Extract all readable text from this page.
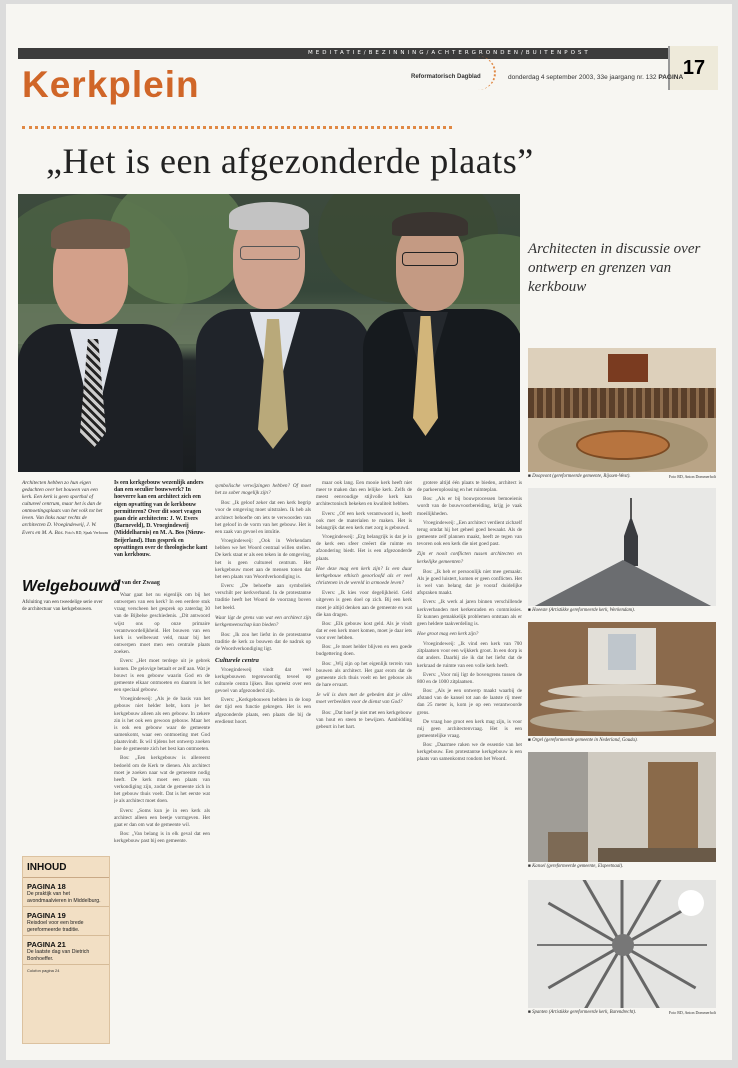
MEDITATIE/BEZINNING/ACHTERGRONDEN/BUITENPOST
17
Kerkplein	Reformatorisch Dagblad	donderdag 4 september 2003, 33e jaargang nr. 132 PAGINA
„Het is een afgezonderde plaats”
Architecten in discussie over ontwerp en grenzen van kerkbouw
Architecten hebben zo hun eigen gedachten over het bouwen van een kerk. Een kerk is geen sporthal of cultureel centrum, maar het is dan de ontmoetingsplaats van het volk tot het leven. Van links naar rechts de architecten D. Vroegindeweij, J. W. Evers en M. A. Bos. Foto's RD, Sjaak Verboom
Welgebouwd
Afsluiting van een tweedelige serie over de architectuur van kerkgebouwen.
Is een kerkgebouw wezenlijk anders dan een seculier bouwwerk? In hoeverre kan een architect zich een eigen opvatting van de kerkbouw permitteren? Over dit soort vragen gaan drie architecten: J. W. Evers (Barneveld), D. Vroegindeweij (Middelharnis) en M. A. Bos (Nieuw-Beijerland). Hun gesprek en opvattingen over de theologische kant van kerkbouw.
K. van der Zwaag

Waar gaat het nu eigenlijk om bij het ontwerpen van een kerk? In een eerdere stuk vraag verscheen het gesprek op zaterdag 30 van de Bijbelse geschiedenis. „Dit antwoord wijst ons op onze primaire verantwoordelijkheid. Het bouwen van een kerk is welbewust veld, maar bij het ontwerpen moet men een centrale plaats zoeken.

Evers: „Het moet terdege uit je gebrek komen. De gelovige betaalt er zelf aan. Wat je bouwt is een gebouw waarin God en de gemeente elkaar ontmoeten en daarom is het een speciaal gebouw.

Vroegindeweij: „Als je de basis van het gebouw niet helder hebt, kom je het kerkgebouw alleen als een gebouw. In zekere zin is het ook een gewoon gebouw. Maar het is ook een gebouw waar de gemeente samenkomt, waar een ontmoeting met God plaatsvindt. Ik wil tijdens het ontwerp zoeken hoe de gemeente zich het best kan ontmoeten.

Bos: „Een kerkgebouw is allereerst bedoeld om de Kerk te dienen. Als architect moet je zoeken naar wat de gemeente nodig heeft. De kerk moet een plaats van verkondiging zijn, zodat de gemeente zich in het gebouw thuis voelt. Dat is het eerste wat je als architect moet doen.

Evers: „Soms kun je in een kerk als architect alleen een beetje vormgeven. Het gaat er dan om wat de gemeente wil.

Bos: „Van belang is in elk geval dat een kerkgebouw past bij een gemeente.

symbolische verwijzingen hebben? Of moet het zo sober mogelijk zijn?

Bos: „Ik geloof zeker dat een kerk begrip voor de omgeving moet uitstralen. Ik heb als architect behoefte om iets te verwoorden van het geloof in de vorm van het gebouw. Het is een zaak van gevoel en intuïtie.

Vroegindeweij: „Ook in Werkendam hebben we het Woord centraal willen stellen. De kerk staat er als een teken in de omgeving, het is geen cultureel centrum. Het kerkgebouw moet aan de mensen tonen dat het een plaats van Woordverkondiging is.

Evers: „De behoefte aan symboliek verschilt per kerkverband. In de protestantse traditie heeft het Woord de voorrang boven het beeld.

Waar ligt de grens van wat een architect zijn kerkgemeenschap kan bieden?

Bos: „Ik zou het liefst in de protestantse traditie de kerk zo bouwen dat de nadruk op de Woordverkondiging ligt.

Culturele centra

Vroegindeweij vindt dat veel kerkgebouwen tegenwoordig teveel op culturele centra lijken. Bos spreekt over een gevoel van afgezonderd zijn.

Evers: „Kerkgebouwen hebben in de loop der tijd een functie gekregen. Het is een afgezonderde plaats, een plaats die bij de eredienst hoort.

maar ook lang. Een mooie kerk heeft niet meer te maken dan een lelijke kerk. Zelfs de meest eenvoudige stijlvolle kerk kan architectonisch bekeken en kwaliteit hebben.

Evers: „Of een kerk verantwoord is, heeft ook met de materialen te maken. Het is belangrijk dat een kerk met zorg is gebouwd.

Vroegindeweij: „Erg belangrijk is dat je in de kerk een sfeer creëert die ruimte en afzondering biedt. Het is een afgezonderde plaats.

Hoe deze mag een kerk zijn? Is een duur kerkgebouw ethisch geoorloofd als er veel christenen in de wereld in armoede leven?

Evers: „Ik kies voor degelijkheid. Geld uitgeven is geen doel op zich. Bij een kerk moet je altijd denken aan de gemeente en wat die kan dragen.

Bos: „Elk gebouw kost geld. Als je vindt dat er een kerk moet komen, moet je daar iets voor over hebben.

Bos: „Je moet helder blijven en een goede budgettering doen.

Bos: „Wij zijn op het eigenlijk terrein van bouwen als architect. Het gaat erom dat de gemeente zich thuis voelt en het gebouw als de hare ervaart.

Je wil is dom met de gebeden dat je alles moet verbeelden voor de dienst van God?

Bos: „Dat hoef je niet met een kerkgebouw van hout en steen te bewijzen. Aanbidding gebeurt in het hart.

INHOUD
PAGINA 18
De praktijk van het avondmaalvieren in Middelburg.
PAGINA 19
Reisdoel voor een brede gereformeerde traditie.
PAGINA 21
De laatste dag van Dietrich Bonhoeffer.
Colofon pagina 24
■ Doopvont (gereformeerde gemeente, Rijssen-West).	Foto RD, Anton Dommerholt
■ Hoeeste (Artistikke gereformeerde kerk, Werkendam).
■ Orgel (gereformeerde gemeente in Nederland, Gouda).
■ Kansel (gereformeerde gemeente, Elspeetnaal).
■ Spanten (Artistikke gereformeerde kerk, Barendrecht).	Foto RD, Anton Dommerholt

grotere altijd één plaats te bieden, architect is de parkeeroplossing en het ruimteplan.

Bos: „Als er bij bouwprocessen bemoeienis wordt van de bouwvoorbereiding, krijg je vaak moeilijkheden.

Vroegindeweij: „Een architect verdient zichzelf terug omdat hij het geheel goed bewaakt. Als de gemeente zelf plannen maakt, heeft ze tegen van tevoren ook een kerk die niet goed past.

Zijn er nooit conflicten tussen architecten en kerkelijke gemeenten?

Bos: „Ik heb er persoonlijk niet mee gemaakt. Als je goed luistert, komen er geen conflicten. Het is wel van belang dat je vooraf duidelijke afspraken maakt.

Evers: „Ik werk al jaren binnen verschillende kerkverbanden met kerkenraden en commissies. Er kunnen gemakkelijk problemen ontstaan als er geen heldere taakverdeling is.

Hoe groot mag een kerk zijn?

Vroegindeweij: „Ik vind een kerk van 700 zitplaatsen voor een wijkkerk groot. In een dorp is dat anders. Daarbij zie ik dat het liefst dat de kerkraad de ruimte van een volle kerk heeft.

Evers: „Voor mij ligt de bovengrens tussen de 800 en de 1000 zitplaatsen.

Bos: „Als je een ontwerp maakt waarbij de afstand van de kansel tot aan de laatste rij meer dan 25 meter is, kom je op een verantwoorde grens.

De vraag hoe groot een kerk mag zijn, is voor mij geen architectenvraag. Het is een gemeentelijke vraag.

Bos: „Daarmee raken we de essentie van het kerkgebouw. Een protestantse kerkgebouw is een plaats van samenkomst rondom het Woord.
